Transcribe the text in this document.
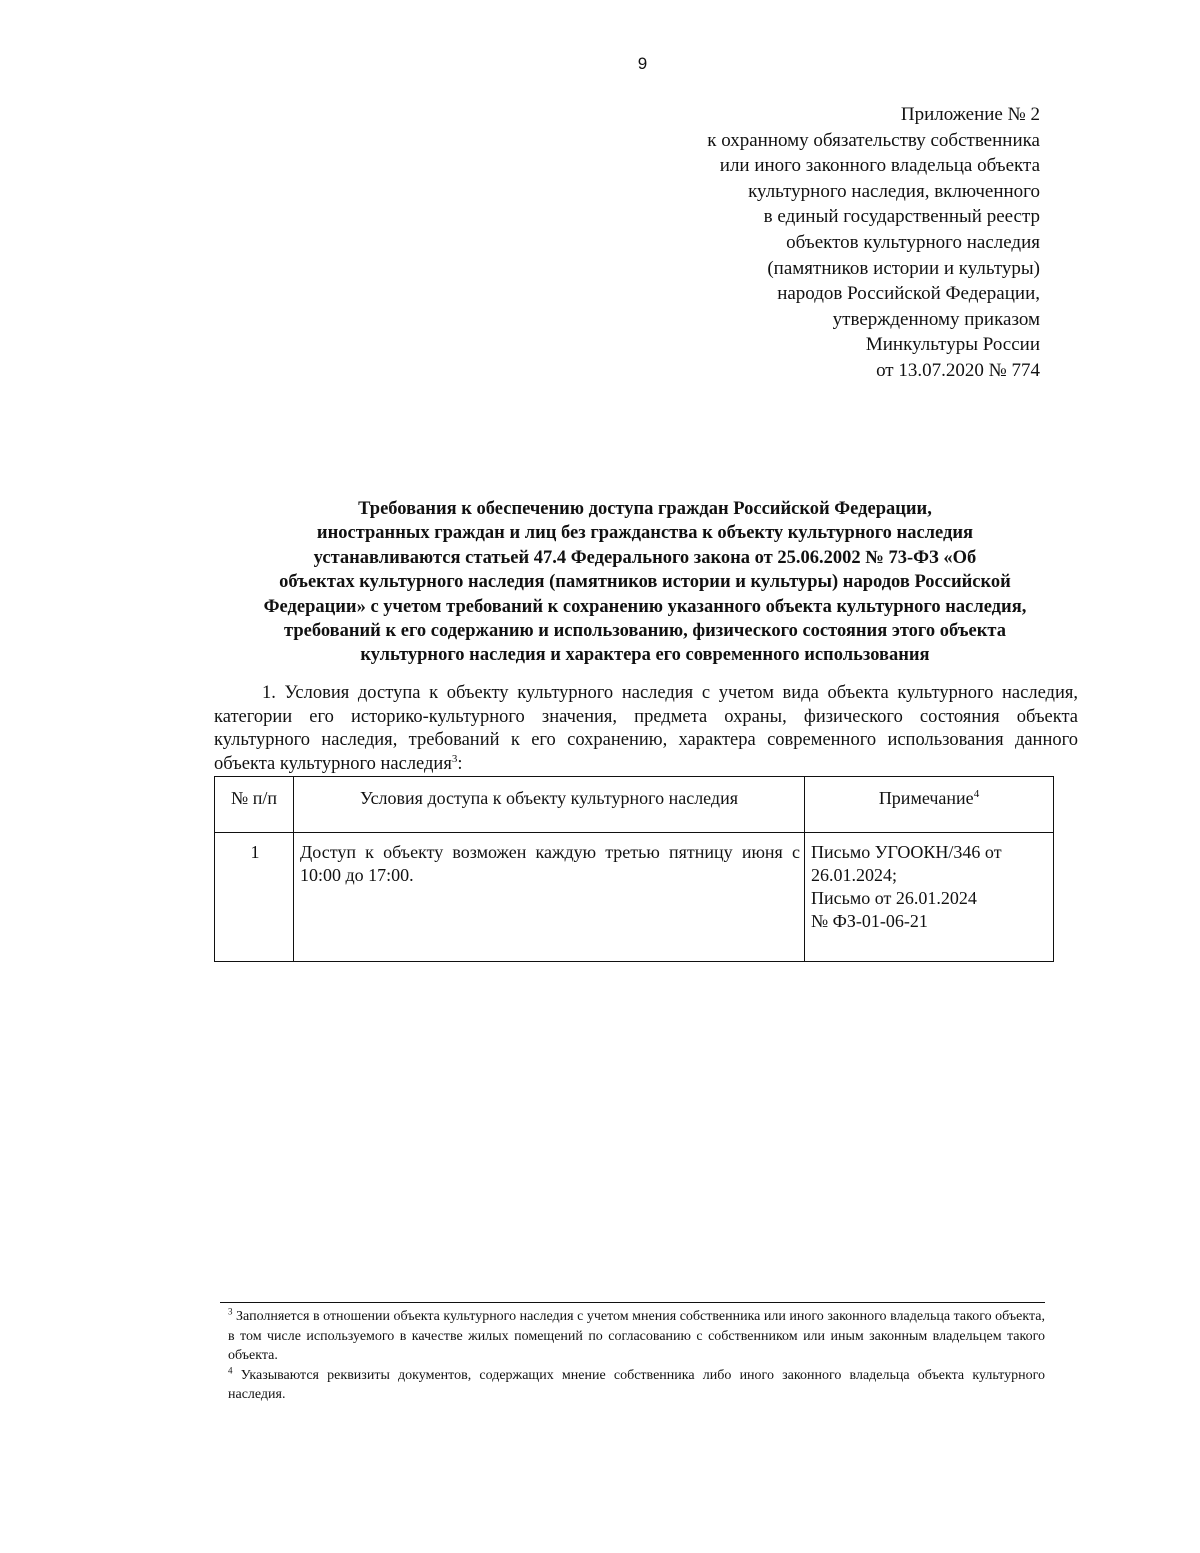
9
Приложение № 2
к охранному обязательству собственника
или иного законного владельца объекта
культурного наследия, включенного
в единый государственный реестр
объектов культурного наследия
(памятников истории и культуры)
народов Российской Федерации,
утвержденному приказом
Минкультуры России
от 13.07.2020 № 774
Требования к обеспечению доступа граждан Российской Федерации,
иностранных граждан и лиц без гражданства к объекту культурного наследия
устанавливаются статьей 47.4 Федерального закона от 25.06.2002 № 73-ФЗ «Об
объектах культурного наследия (памятников истории и культуры) народов Российской
Федерации» с учетом требований к сохранению указанного объекта культурного наследия,
требований к его содержанию и использованию, физического состояния этого объекта
культурного наследия и характера его современного использования
1. Условия доступа к объекту культурного наследия с учетом вида объекта культурного наследия, категории его историко-культурного значения, предмета охраны, физического состояния объекта культурного наследия, требований к его сохранению, характера современного использования данного объекта культурного наследия$^3$:
№ п/п	Условия доступа к объекту культурного наследия	Примечание$^4$
1	Доступ к объекту возможен каждую третью пятницу июня с 10:00 до 17:00.	Письмо УГООКН/346 от
26.01.2024;
Письмо от 26.01.2024
№ ФЗ-01-06-21

$^3$ Заполняется в отношении объекта культурного наследия с учетом мнения собственника или иного законного владельца такого объекта, в том числе используемого в качестве жилых помещений по согласованию с собственником или иным законным владельцем такого объекта.

$^4$ Указываются реквизиты документов, содержащих мнение собственника либо иного законного владельца объекта культурного наследия.
